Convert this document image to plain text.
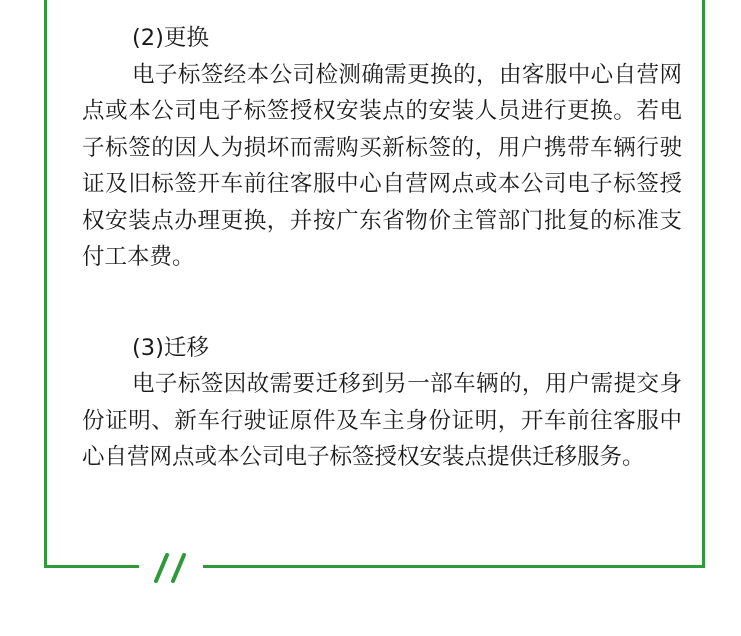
(2)更换

电子标签经本公司检测确需更换的，由客服中心自营网点或本公司电子标签授权安装点的安装人员进行更换。若电子标签的因人为损坏而需购买新标签的，用户携带车辆行驶证及旧标签开车前往客服中心自营网点或本公司电子标签授权安装点办理更换，并按广东省物价主管部门批复的标准支付工本费。

(3)迁移

电子标签因故需要迁移到另一部车辆的，用户需提交身份证明、新车行驶证原件及车主身份证明，开车前往客服中心自营网点或本公司电子标签授权安装点提供迁移服务。
